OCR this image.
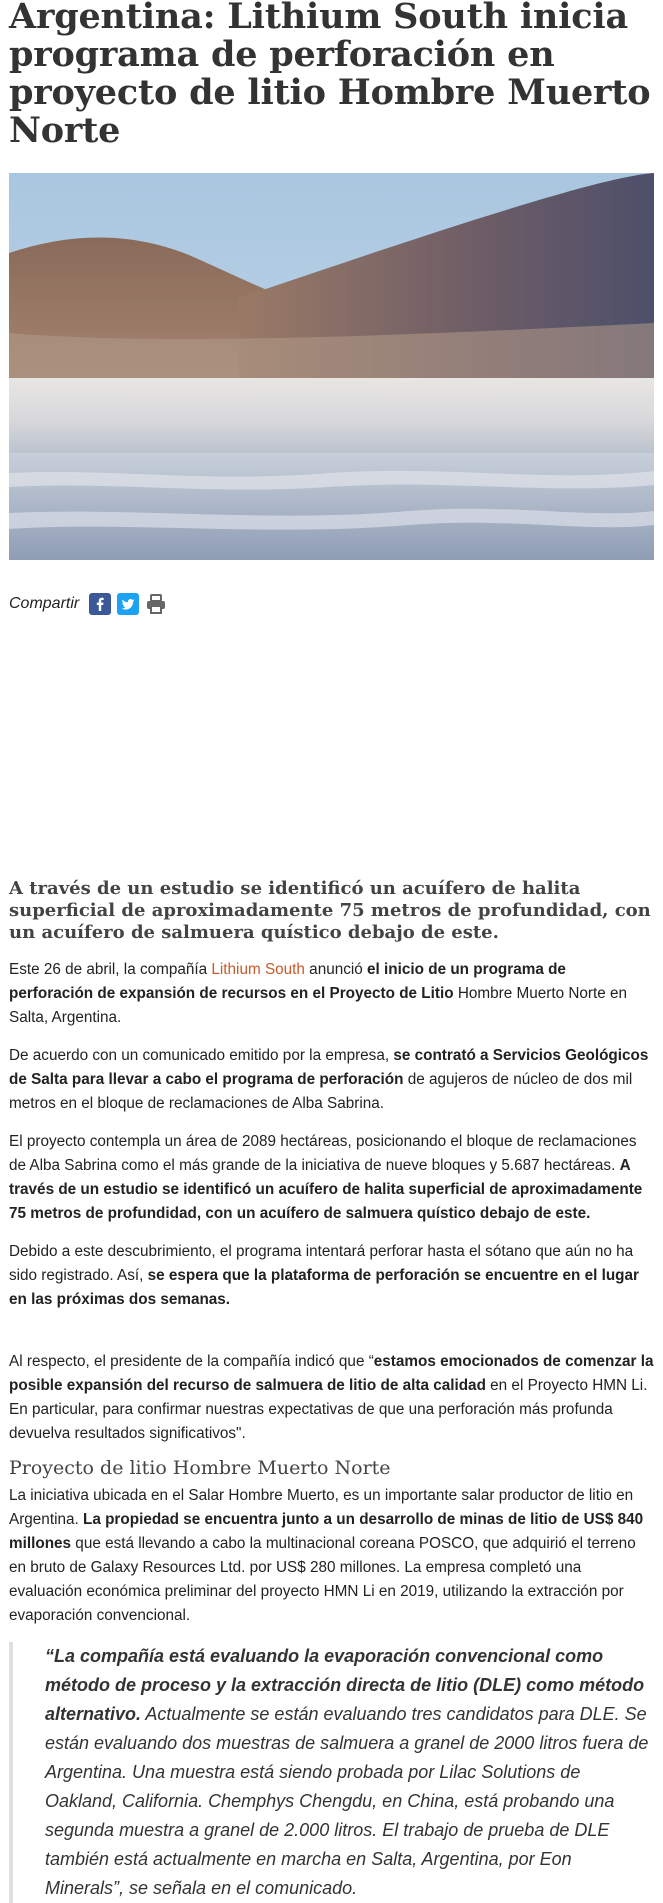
Argentina: Lithium South inicia programa de perforación en proyecto de litio Hombre Muerto Norte
Compartir

A través de un estudio se identificó un acuífero de halita superficial de aproximadamente 75 metros de profundidad, con un acuífero de salmuera quístico debajo de este.

Este 26 de abril, la compañía Lithium South anunció el inicio de un programa de perforación de expansión de recursos en el Proyecto de Litio Hombre Muerto Norte en Salta, Argentina.

De acuerdo con un comunicado emitido por la empresa, se contrató a Servicios Geológicos de Salta para llevar a cabo el programa de perforación de agujeros de núcleo de dos mil metros en el bloque de reclamaciones de Alba Sabrina.

El proyecto contempla un área de 2089 hectáreas, posicionando el bloque de reclamaciones de Alba Sabrina como el más grande de la iniciativa de nueve bloques y 5.687 hectáreas. A través de un estudio se identificó un acuífero de halita superficial de aproximadamente 75 metros de profundidad, con un acuífero de salmuera quístico debajo de este.

Debido a este descubrimiento, el programa intentará perforar hasta el sótano que aún no ha sido registrado. Así, se espera que la plataforma de perforación se encuentre en el lugar en las próximas dos semanas.

Al respecto, el presidente de la compañía indicó que “estamos emocionados de comenzar la posible expansión del recurso de salmuera de litio de alta calidad en el Proyecto HMN Li. En particular, para confirmar nuestras expectativas de que una perforación más profunda devuelva resultados significativos".

Proyecto de litio Hombre Muerto Norte

La iniciativa ubicada en el Salar Hombre Muerto, es un importante salar productor de litio en Argentina. La propiedad se encuentra junto a un desarrollo de minas de litio de US$ 840 millones que está llevando a cabo la multinacional coreana POSCO, que adquirió el terreno en bruto de Galaxy Resources Ltd. por US$ 280 millones. La empresa completó una evaluación económica preliminar del proyecto HMN Li en 2019, utilizando la extracción por evaporación convencional.

“La compañía está evaluando la evaporación convencional como método de proceso y la extracción directa de litio (DLE) como método alternativo. Actualmente se están evaluando tres candidatos para DLE. Se están evaluando dos muestras de salmuera a granel de 2000 litros fuera de Argentina. Una muestra está siendo probada por Lilac Solutions de Oakland, California. Chemphys Chengdu, en China, está probando una segunda muestra a granel de 2.000 litros. El trabajo de prueba de DLE también está actualmente en marcha en Salta, Argentina, por Eon Minerals”, se señala en el comunicado.
